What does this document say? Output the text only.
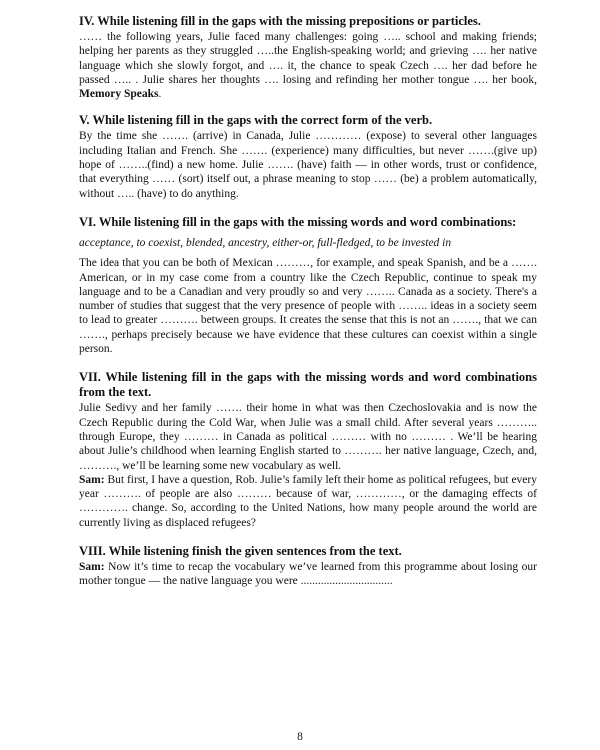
IV. While listening fill in the gaps with the missing prepositions or particles.

…… the following years, Julie faced many challenges: going ….. school and making friends; helping her parents as they struggled …..the English-speaking world; and grieving …. her native language which she slowly forgot, and …. it, the chance to speak Czech …. her dad before he passed ….. . Julie shares her thoughts …. losing and refinding her mother tongue …. her book, Memory Speaks.

V. While listening fill in the gaps with the correct form of the verb.

By the time she ……. (arrive) in Canada, Julie ………… (expose) to several other languages including Italian and French. She ……. (experience) many difficulties, but never …….(give up) hope of ……..(find) a new home. Julie ……. (have) faith — in other words, trust or confidence, that everything …… (sort) itself out, a phrase meaning to stop …… (be) a problem automatically, without ….. (have) to do anything.

VI. While listening fill in the gaps with the missing words and word combinations:
acceptance, to coexist, blended, ancestry, either-or, full-fledged, to be invested in

The idea that you can be both of Mexican ………, for example, and speak Spanish, and be a ……. American, or in my case come from a country like the Czech Republic, continue to speak my language and to be a Canadian and very proudly so and very …….. Canada as a society. There's a number of studies that suggest that the very presence of people with …….. ideas in a society seem to lead to greater ………. between groups. It creates the sense that this is not an ……., that we can ……., perhaps precisely because we have evidence that these cultures can coexist within a single person.

VII. While listening fill in the gaps with the missing words and word combinations from the text.

Julie Sedivy and her family ……. their home in what was then Czechoslovakia and is now the Czech Republic during the Cold War, when Julie was a small child. After several years ……….. through Europe, they ……… in Canada as political ……… with no ……… . We’ll be hearing about Julie’s childhood when learning English started to ………. her native language, Czech, and, ………., we’ll be learning some new vocabulary as well.

Sam: But first, I have a question, Rob. Julie’s family left their home as political refugees, but every year ………. of people are also ……… because of war, …………, or the damaging effects of …………. change. So, according to the United Nations, how many people around the world are currently living as displaced refugees?

VIII. While listening finish the given sentences from the text.

Sam: Now it’s time to recap the vocabulary we’ve learned from this programme about losing our mother tongue — the native language you were ................................

8
